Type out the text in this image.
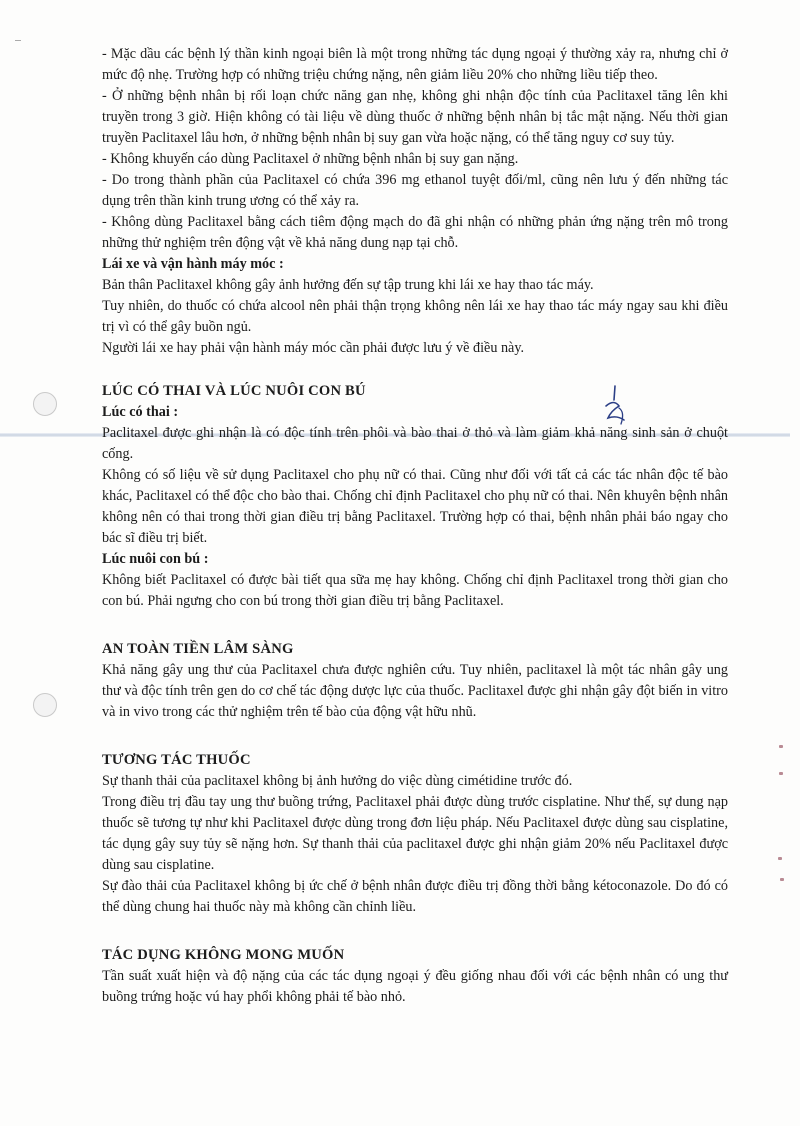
- Mặc dầu các bệnh lý thần kinh ngoại biên là một trong những tác dụng ngoại ý thường xảy ra, nhưng chỉ ở mức độ nhẹ. Trường hợp có những triệu chứng nặng, nên giảm liều 20% cho những liều tiếp theo.

- Ở những bệnh nhân bị rối loạn chức năng gan nhẹ, không ghi nhận độc tính của Paclitaxel tăng lên khi truyền trong 3 giờ. Hiện không có tài liệu về dùng thuốc ở những bệnh nhân bị tắc mật nặng. Nếu thời gian truyền Paclitaxel lâu hơn, ở những bệnh nhân bị suy gan vừa hoặc nặng, có thể tăng nguy cơ suy tủy.

- Không khuyến cáo dùng Paclitaxel ở những bệnh nhân bị suy gan nặng.

- Do trong thành phần của Paclitaxel có chứa 396 mg ethanol tuyệt đối/ml, cũng nên lưu ý đến những tác dụng trên thần kinh trung ương có thể xảy ra.

- Không dùng Paclitaxel bằng cách tiêm động mạch do đã ghi nhận có những phản ứng nặng trên mô trong những thử nghiệm trên động vật về khả năng dung nạp tại chỗ.

Lái xe và vận hành máy móc :

Bản thân Paclitaxel không gây ảnh hưởng đến sự tập trung khi lái xe hay thao tác máy.

Tuy nhiên, do thuốc có chứa alcool nên phải thận trọng không nên lái xe hay thao tác máy ngay sau khi điều trị vì có thể gây buồn ngủ.

Người lái xe hay phải vận hành máy móc cần phải được lưu ý về điều này.

LÚC CÓ THAI VÀ LÚC NUÔI CON BÚ
Lúc có thai :

Paclitaxel được ghi nhận là có độc tính trên phôi và bào thai ở thỏ và làm giảm khả năng sinh sản ở chuột cống.

Không có số liệu về sử dụng Paclitaxel cho phụ nữ có thai. Cũng như đối với tất cả các tác nhân độc tế bào khác, Paclitaxel có thể độc cho bào thai. Chống chỉ định Paclitaxel cho phụ nữ có thai. Nên khuyên bệnh nhân không nên có thai trong thời gian điều trị bằng Paclitaxel. Trường hợp có thai, bệnh nhân phải báo ngay cho bác sĩ điều trị biết.

Lúc nuôi con bú :

Không biết Paclitaxel có được bài tiết qua sữa mẹ hay không. Chống chỉ định Paclitaxel trong thời gian cho con bú. Phải ngưng cho con bú trong thời gian điều trị bằng Paclitaxel.

AN TOÀN TIỀN LÂM SÀNG

Khả năng gây ung thư của Paclitaxel chưa được nghiên cứu. Tuy nhiên, paclitaxel là một tác nhân gây ung thư và độc tính trên gen do cơ chế tác động dược lực của thuốc. Paclitaxel được ghi nhận gây đột biến in vitro và in vivo trong các thử nghiệm trên tế bào của động vật hữu nhũ.

TƯƠNG TÁC THUỐC

Sự thanh thải của paclitaxel không bị ảnh hưởng do việc dùng cimétidine trước đó.

Trong điều trị đầu tay ung thư buồng trứng, Paclitaxel phải được dùng trước cisplatine. Như thế, sự dung nạp thuốc sẽ tương tự như khi Paclitaxel được dùng trong đơn liệu pháp. Nếu Paclitaxel được dùng sau cisplatine, tác dụng gây suy tủy sẽ nặng hơn. Sự thanh thải của paclitaxel được ghi nhận giảm 20% nếu Paclitaxel được dùng sau cisplatine.

Sự đào thải của Paclitaxel không bị ức chế ở bệnh nhân được điều trị đồng thời bằng kétoconazole. Do đó có thể dùng chung hai thuốc này mà không cần chỉnh liều.

TÁC DỤNG KHÔNG MONG MUỐN

Tần suất xuất hiện và độ nặng của các tác dụng ngoại ý đều giống nhau đối với các bệnh nhân có ung thư buồng trứng hoặc vú hay phổi không phải tế bào nhỏ.
